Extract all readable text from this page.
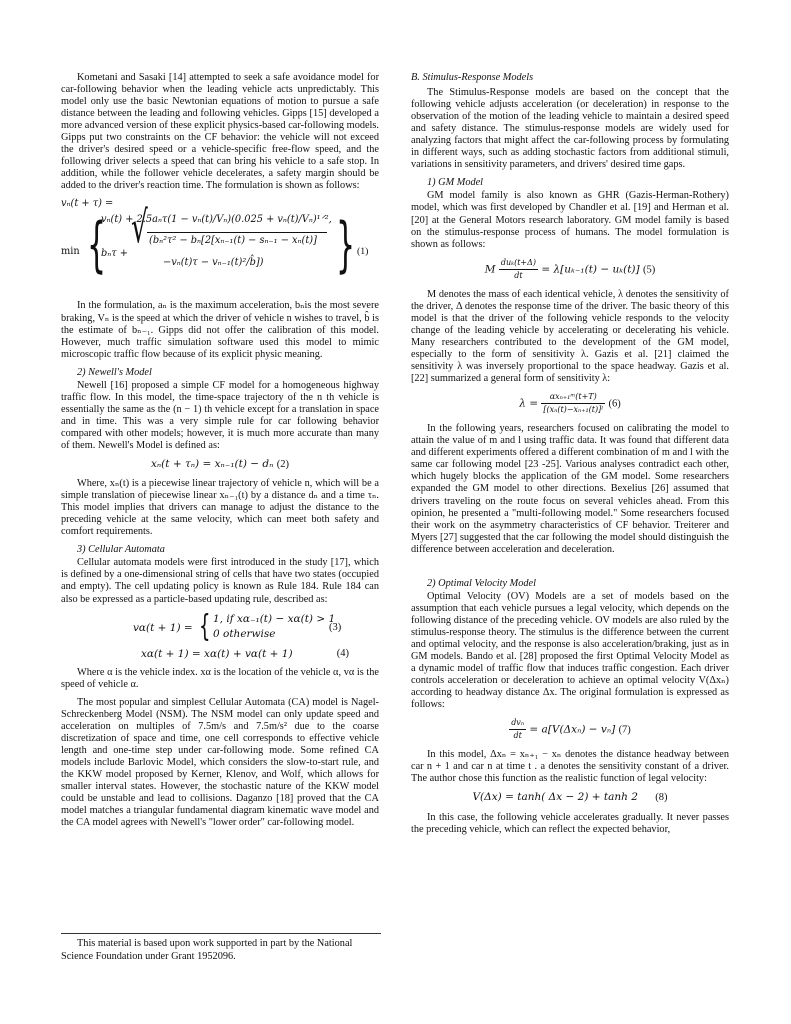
Kometani and Sasaki [14] attempted to seek a safe avoidance model for car-following behavior when the leading vehicle acts unpredictably. This model only use the basic Newtonian equations of motion to pursue a safe distance between the leading and following vehicles. Gipps [15] developed a more advanced version of these explicit physics-based car-following models. Gipps put two constraints on the CF behavior: the vehicle will not exceed the driver's desired speed or a vehicle-specific free-flow speed, and the following driver selects a speed that can bring his vehicle to a safe stop. In addition, while the follower vehicle decelerates, a safety margin should be added to the driver's reaction time. The formulation is shown as follows:

vₙ(t + τ) =
min {
vₙ(t) + 2.5aₙτ(1 − vₙ(t)/Vₙ)(0.025 + vₙ(t)/Vₙ)¹ᐟ²,
bₙτ +
√ (bₙ²τ² − bₙ[2[xₙ₋₁(t) − sₙ₋₁ − xₙ(t)]
−vₙ(t)τ − vₙ₋₁(t)²/b̂]) } (1)

In the formulation, aₙ is the maximum acceleration, bₙis the most severe braking, Vₙ is the speed at which the driver of vehicle n wishes to travel, b̂ is the estimate of bₙ₋₁. Gipps did not offer the calibration of this model. However, much traffic simulation software used this model to mimic microscopic traffic flow because of its explicit physic meaning.

2) Newell's Model

Newell [16] proposed a simple CF model for a homogeneous highway traffic flow. In this model, the time-space trajectory of the n th vehicle is essentially the same as the (n − 1) th vehicle except for a translation in space and in time. This was a very simple rule for car following behavior compared with other models; however, it is much more accurate than many of them. Newell's Model is defined as:

xₙ(t + τₙ) = xₙ₋₁(t) − dₙ (2)

Where, xₙ(t) is a piecewise linear trajectory of vehicle n, which will be a simple translation of piecewise linear xₙ₋₁(t) by a distance dₙ and a time τₙ. This model implies that drivers can manage to adjust the distance to the preceding vehicle at the same velocity, which can meet both safety and comfort requirements.

3) Cellular Automata

Cellular automata models were first introduced in the study [17], which is defined by a one-dimensional string of cells that have two states (occupied and empty). The cell updating policy is known as Rule 184. Rule 184 can also be expressed as a particle-based updating rule, described as:

vα(t + 1) = { 1, if xα₋₁(t) − xα(t) > 1
0 otherwise
(3)
xα(t + 1) = xα(t) + vα(t + 1)	(4)

Where α is the vehicle index. xα is the location of the vehicle α, vα is the speed of vehicle α.

The most popular and simplest Cellular Automata (CA) model is Nagel-Schreckenberg Model (NSM). The NSM model can only update speed and acceleration on multiples of 7.5m/s and 7.5m/s² due to the coarse discretization of space and time, one cell corresponds to effective vehicle length and one-time step under car-following mode. Some refined CA models include Barlovic Model, which considers the slow-to-start rule, and the KKW model proposed by Kerner, Klenov, and Wolf, which allows for smaller interval states. However, the stochastic nature of the KKW model could be unstable and lead to collisions. Daganzo [18] proved that the CA model matches a triangular fundamental diagram kinematic wave model and the CA model agrees with Newell's "lower order" car-following model.

B. Stimulus-Response Models

The Stimulus-Response models are based on the concept that the following vehicle adjusts acceleration (or deceleration) in response to the observation of the motion of the leading vehicle to maintain a desired speed and safety distance. The stimulus-response models are widely used for analyzing factors that might affect the car-following process by formulating in different ways, such as adding stochastic factors from additional stimuli, variations in sensitivity parameters, and drivers' desired time gaps.

1) GM Model

GM model family is also known as GHR (Gazis-Herman-Rothery) model, which was first developed by Chandler et al. [19] and Herman et al. [20] at the General Motors research laboratory. GM model family is based on the stimulus-response process of humans. The model formulation is shown as follows:

M $\frac{\text{duₖ(t+Δ)}}{dt} = \lambda[u_{k-1}(t) - u_k(t)]$ (5)

M denotes the mass of each identical vehicle, λ denotes the sensitivity of the driver, Δ denotes the response time of the driver. The basic theory of this model is that the driver of the following vehicle responds to the velocity change of the leading vehicle by accelerating or decelerating his vehicle. Many researchers contributed to the development of the GM model, especially to the form of sensitivity λ. Gazis et al. [21] claimed the sensitivity λ was inversely proportional to the space headway. Gazis et al. [22] summarized a general form of sensitivity λ:

$\lambda = \frac{\text{αxₙ₊₁ᵐ(t+T)}}{\text{[(xₙ(t)−xₙ₊₁(t)]ˡ}} (6)$

In the following years, researchers focused on calibrating the model to attain the value of m and l using traffic data. It was found that different data and different experiments offered a different combination of m and l with the same car following model [23 -25]. Various analyses contradict each other, which hugely blocks the application of the GM model. Some researchers expanded the GM model to other directions. Bexelius [26] assumed that drivers traveling on the route focus on several vehicles ahead. From this opinion, he presented a "multi-following model." Some researchers focused their work on the asymmetry characteristics of CF behavior. Treiterer and Myers [27] suggested that the car following the model should distinguish the difference between acceleration and deceleration.

2) Optimal Velocity Model

Optimal Velocity (OV) Models are a set of models based on the assumption that each vehicle pursues a legal velocity, which depends on the following distance of the preceding vehicle. OV models are also ruled by the stimulus-response theory. The stimulus is the difference between the current and optimal velocity, and the response is also acceleration/braking, just as in GM models. Bando et al. [28] proposed the first Optimal Velocity Model as a dynamic model of traffic flow that induces traffic congestion. Each driver controls acceleration or deceleration to achieve an optimal velocity V(Δxₙ) according to headway distance Δx. The original formulation is expressed as follows:

$\frac{\text{dvₙ}}{dt} = a[V(\Delta x_n) - v_n]$ (7)

In this model, Δxₙ = xₙ₊₁ − xₙ denotes the distance headway between car n + 1 and car n at time t . a denotes the sensitivity constant of a driver. The author chose this function as the realistic function of legal velocity:

V(Δx) = tanh( Δx − 2) + tanh 2 (8)

In this case, the following vehicle accelerates gradually. It never passes the preceding vehicle, which can reflect the expected behavior,

This material is based upon work supported in part by the National Science Foundation under Grant 1952096.
